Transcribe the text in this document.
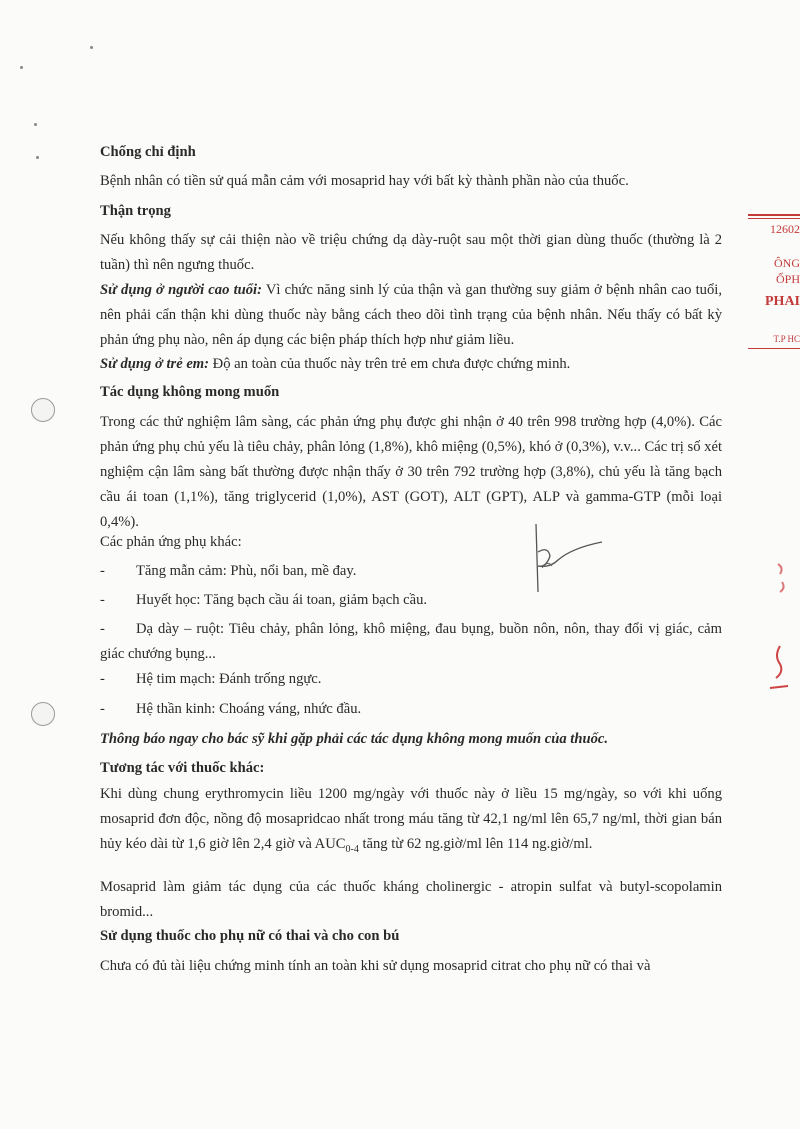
12602
ÔNG
ỔPH
PHAI
T.P HC

Chống chỉ định

Bệnh nhân có tiền sử quá mẫn cảm với mosaprid hay với bất kỳ thành phần nào của thuốc.

Thận trọng

Nếu không thấy sự cải thiện nào về triệu chứng dạ dày-ruột sau một thời gian dùng thuốc (thường là 2 tuần) thì nên ngưng thuốc.

Sử dụng ở người cao tuổi: Vì chức năng sinh lý của thận và gan thường suy giảm ở bệnh nhân cao tuổi, nên phải cẩn thận khi dùng thuốc này bằng cách theo dõi tình trạng của bệnh nhân. Nếu thấy có bất kỳ phản ứng phụ nào, nên áp dụng các biện pháp thích hợp như giảm liều.

Sử dụng ở trẻ em: Độ an toàn của thuốc này trên trẻ em chưa được chứng minh.

Tác dụng không mong muốn

Trong các thử nghiệm lâm sàng, các phản ứng phụ được ghi nhận ở 40 trên 998 trường hợp (4,0%). Các phản ứng phụ chủ yếu là tiêu chảy, phân lỏng (1,8%), khô miệng (0,5%), khó ở (0,3%), v.v... Các trị số xét nghiệm cận lâm sàng bất thường được nhận thấy ở 30 trên 792 trường hợp (3,8%), chủ yếu là tăng bạch cầu ái toan (1,1%), tăng triglycerid (1,0%), AST (GOT), ALT (GPT), ALP và gamma-GTP (mỗi loại 0,4%).

Các phản ứng phụ khác:

- Tăng mẫn cảm: Phù, nổi ban, mề đay.

- Huyết học: Tăng bạch cầu ái toan, giảm bạch cầu.

- Dạ dày – ruột: Tiêu chảy, phân lỏng, khô miệng, đau bụng, buồn nôn, nôn, thay đổi vị giác, cảm giác chướng bụng...

- Hệ tim mạch: Đánh trống ngực.

- Hệ thần kinh: Choáng váng, nhức đầu.

Thông báo ngay cho bác sỹ khi gặp phải các tác dụng không mong muốn của thuốc.

Tương tác với thuốc khác:

Khi dùng chung erythromycin liều 1200 mg/ngày với thuốc này ở liều 15 mg/ngày, so với khi uống mosaprid đơn độc, nồng độ mosapridcao nhất trong máu tăng từ 42,1 ng/ml lên 65,7 ng/ml, thời gian bán hủy kéo dài từ 1,6 giờ lên 2,4 giờ và $AUC_{0-4}$ tăng từ 62 ng.giờ/ml lên 114 ng.giờ/ml.

Mosaprid làm giảm tác dụng của các thuốc kháng cholinergic - atropin sulfat và butyl-scopolamin bromid...

Sử dụng thuốc cho phụ nữ có thai và cho con bú

Chưa có đủ tài liệu chứng minh tính an toàn khi sử dụng mosaprid citrat cho phụ nữ có thai và
